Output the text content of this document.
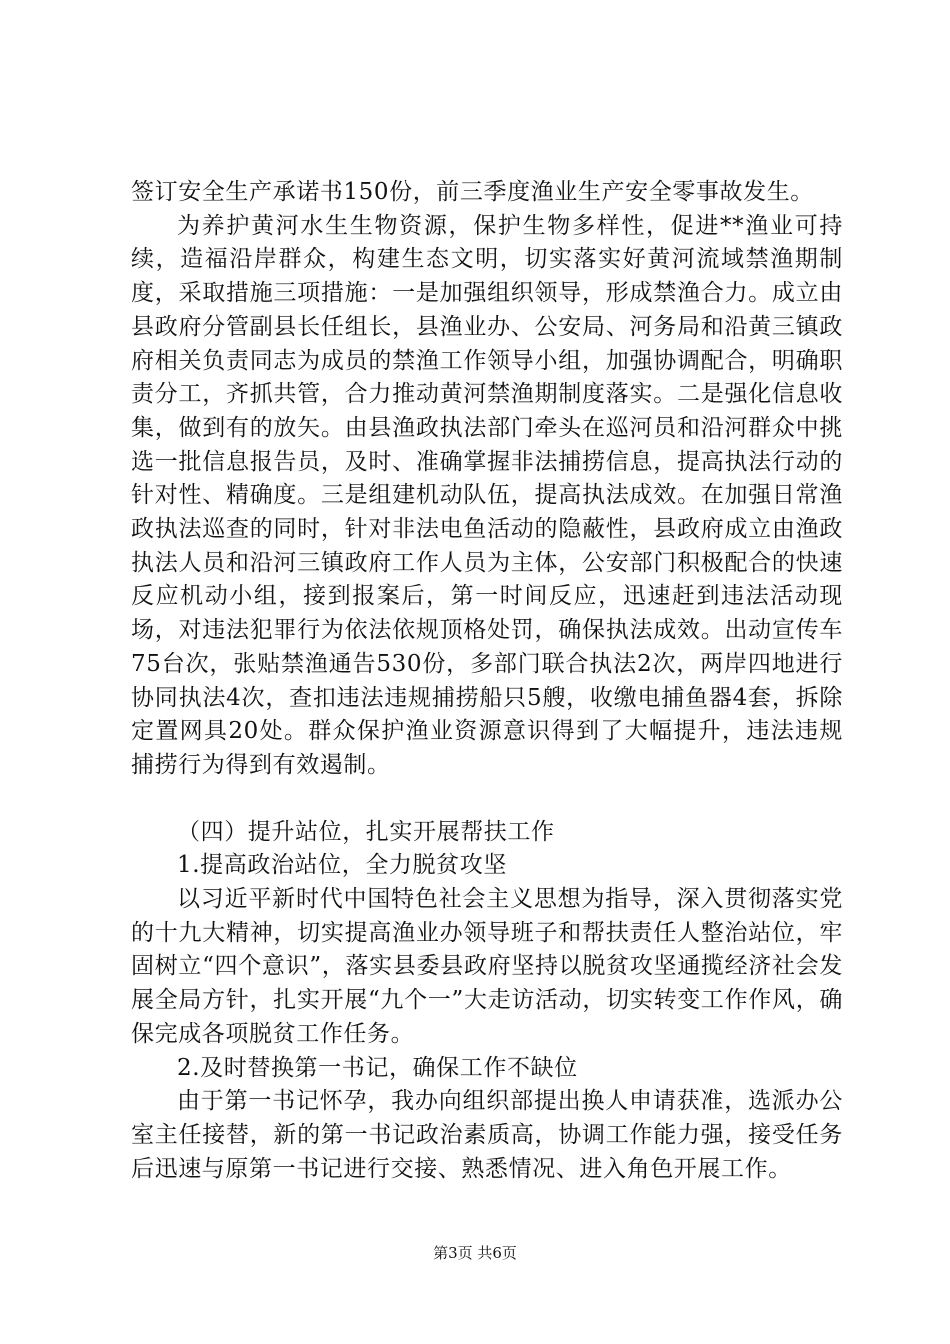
签订安全生产承诺书150份，前三季度渔业生产安全零事故发生。

为养护黄河水生生物资源，保护生物多样性，促进**渔业可持续，造福沿岸群众，构建生态文明，切实落实好黄河流域禁渔期制度，采取措施三项措施：一是加强组织领导，形成禁渔合力。成立由县政府分管副县长任组长，县渔业办、公安局、河务局和沿黄三镇政府相关负责同志为成员的禁渔工作领导小组，加强协调配合，明确职责分工，齐抓共管，合力推动黄河禁渔期制度落实。二是强化信息收集，做到有的放矢。由县渔政执法部门牵头在巡河员和沿河群众中挑选一批信息报告员，及时、准确掌握非法捕捞信息，提高执法行动的针对性、精确度。三是组建机动队伍，提高执法成效。在加强日常渔政执法巡查的同时，针对非法电鱼活动的隐蔽性，县政府成立由渔政执法人员和沿河三镇政府工作人员为主体，公安部门积极配合的快速反应机动小组，接到报案后，第一时间反应，迅速赶到违法活动现场，对违法犯罪行为依法依规顶格处罚，确保执法成效。出动宣传车75台次，张贴禁渔通告530份，多部门联合执法2次，两岸四地进行协同执法4次，查扣违法违规捕捞船只5艘，收缴电捕鱼器4套，拆除定置网具20处。群众保护渔业资源意识得到了大幅提升，违法违规捕捞行为得到有效遏制。

（四）提升站位，扎实开展帮扶工作

1.提高政治站位，全力脱贫攻坚

以习近平新时代中国特色社会主义思想为指导，深入贯彻落实党的十九大精神，切实提高渔业办领导班子和帮扶责任人整治站位，牢固树立“四个意识”，落实县委县政府坚持以脱贫攻坚通揽经济社会发展全局方针，扎实开展“九个一”大走访活动，切实转变工作作风，确保完成各项脱贫工作任务。

2.及时替换第一书记，确保工作不缺位

由于第一书记怀孕，我办向组织部提出换人申请获准，选派办公室主任接替，新的第一书记政治素质高，协调工作能力强，接受任务后迅速与原第一书记进行交接、熟悉情况、进入角色开展工作。

第3页 共6页
